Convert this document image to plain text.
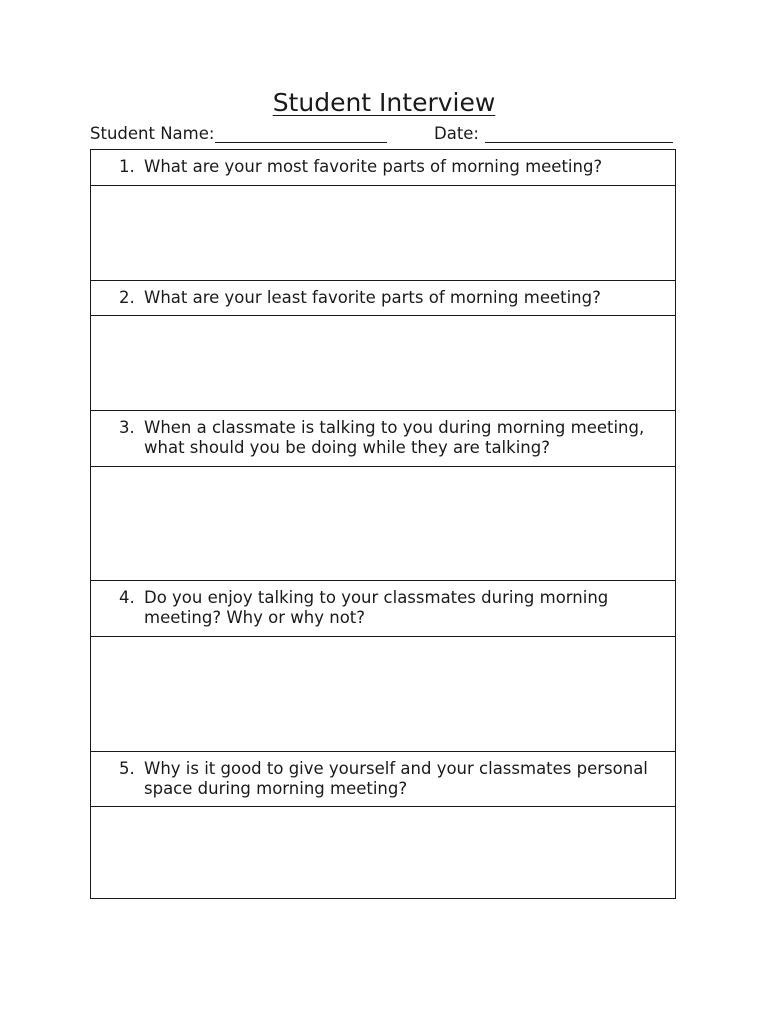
Student Interview
Student Name:	Date:
1. What are your most favorite parts of morning meeting?
2. What are your least favorite parts of morning meeting?
3. When a classmate is talking to you during morning meeting, what should you be doing while they are talking?
4. Do you enjoy talking to your classmates during morning meeting? Why or why not?
5. Why is it good to give yourself and your classmates personal space during morning meeting?
